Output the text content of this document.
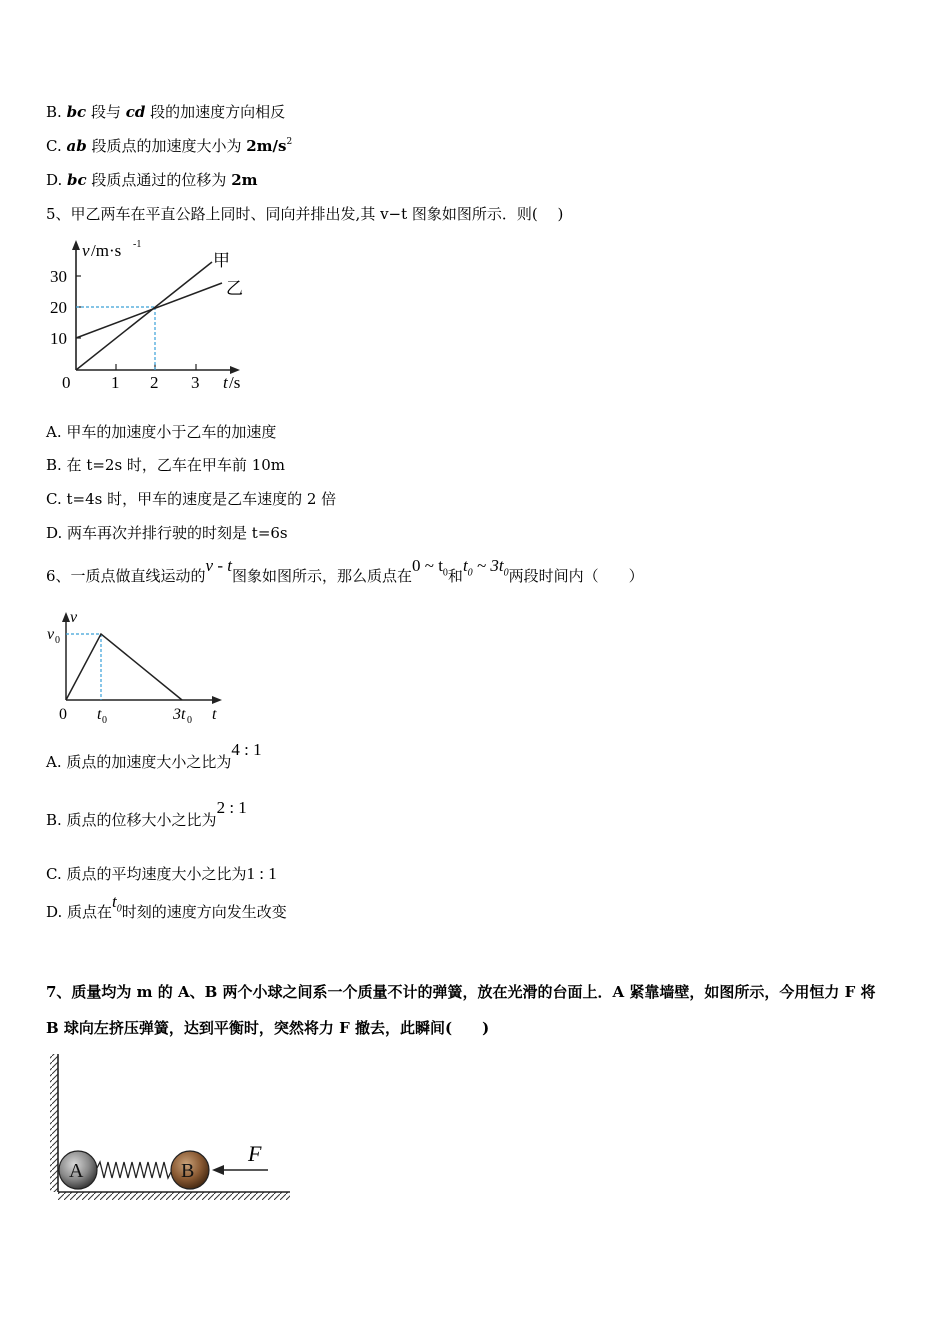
B. bc 段与 cd 段的加速度方向相反
C. ab 段质点的加速度大小为 $2m/s^2$
D. bc 段质点通过的位移为 2m
5、甲乙两车在平直公路上同时、同向并排出发,其 v−t 图象如图所示．则(　 )
30
20
10
0 1 2 3
v /m·s -1
t /s
甲
乙
A. 甲车的加速度小于乙车的加速度
B. 在 t=2s 时，乙车在甲车前 10m
C. t=4s 时，甲车的速度是乙车速度的 2 倍
D. 两车再次并排行驶的时刻是 t=6s
6、一质点做直线运动的v - t图象如图所示，那么质点在0 ~ $t_0$和$t_0$ ~ $3t_0$两段时间内（　　）
v
v 0
0 t 0	3t 0 t
A. 质点的加速度大小之比为4 : 1
B. 质点的位移大小之比为2 : 1
C. 质点的平均速度大小之比为1 : 1
D. 质点在$t_0$时刻的速度方向发生改变
7、质量均为 m 的 A、B 两个小球之间系一个质量不计的弹簧，放在光滑的台面上．A 紧靠墙壁，如图所示，今用恒力 F 将
B 球向左挤压弹簧，达到平衡时，突然将力 F 撤去，此瞬间(　　)
A	B
F
